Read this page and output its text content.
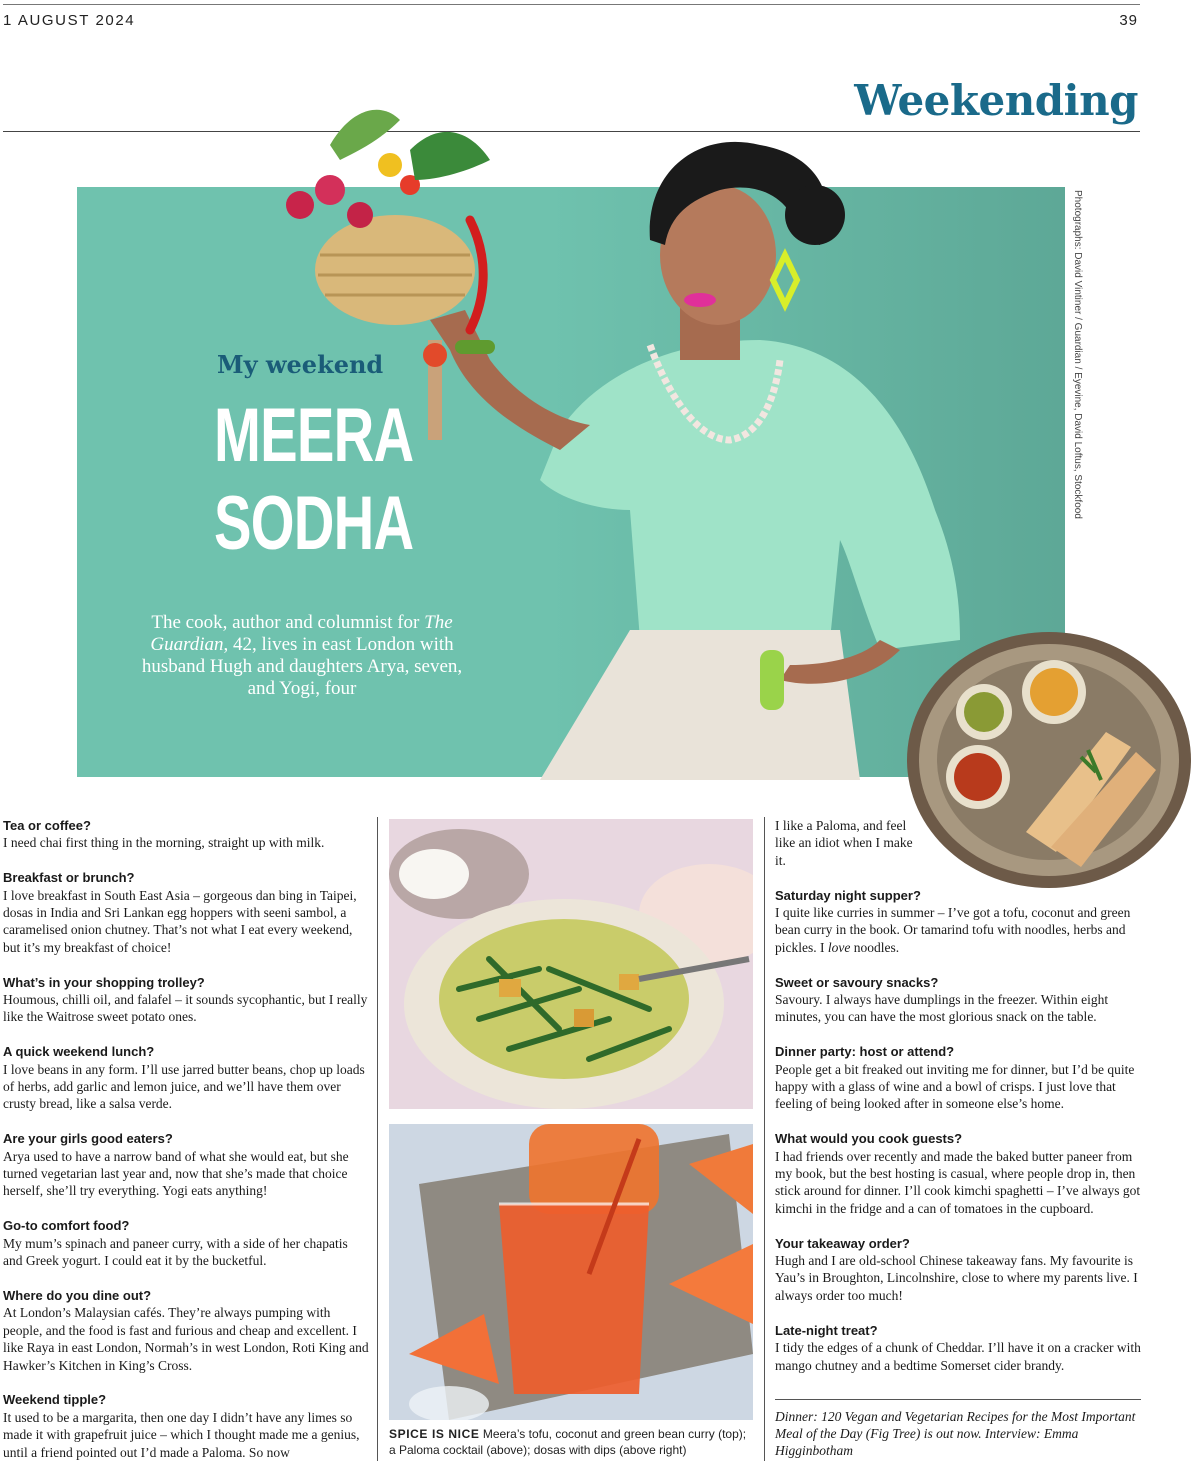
1 AUGUST 2024	39
Weekending
Photographs: David Vintiner / Guardian / Eyevine, David Loftus, Stockfood
My weekend
MEERA
SODHA
The cook, author and columnist for The Guardian, 42, lives in east London with husband Hugh and daughters Arya, seven, and Yogi, four
Tea or coffee?
I need chai first thing in the morning, straight up with milk.
Breakfast or brunch?
I love breakfast in South East Asia – gorgeous dan bing in Taipei, dosas in India and Sri Lankan egg hoppers with seeni sambol, a caramelised onion chutney. That’s not what I eat every weekend, but it’s my breakfast of choice!
What’s in your shopping trolley?
Houmous, chilli oil, and falafel – it sounds sycophantic, but I really like the Waitrose sweet potato ones.
A quick weekend lunch?
I love beans in any form. I’ll use jarred butter beans, chop up loads of herbs, add garlic and lemon juice, and we’ll have them over crusty bread, like a salsa verde.
Are your girls good eaters?
Arya used to have a narrow band of what she would eat, but she turned vegetarian last year and, now that she’s made that choice herself, she’ll try everything. Yogi eats anything!
Go-to comfort food?
My mum’s spinach and paneer curry, with a side of her chapatis and Greek yogurt. I could eat it by the bucketful.
Where do you dine out?
At London’s Malaysian cafés. They’re always pumping with people, and the food is fast and furious and cheap and excellent. I like Raya in east London, Normah’s in west London, Roti King and Hawker’s Kitchen in King’s Cross.
Weekend tipple?
It used to be a margarita, then one day I didn’t have any limes so made it with grapefruit juice – which I thought made me a genius, until a friend pointed out I’d made a Paloma. So now
SPICE IS NICE Meera’s tofu, coconut and green bean curry (top); a Paloma cocktail (above); dosas with dips (above right)
I like a Paloma, and feel like an idiot when I make it.
Saturday night supper?
I quite like curries in summer – I’ve got a tofu, coconut and green bean curry in the book. Or tamarind tofu with noodles, herbs and pickles. I love noodles.
Sweet or savoury snacks?
Savoury. I always have dumplings in the freezer. Within eight minutes, you can have the most glorious snack on the table.
Dinner party: host or attend?
People get a bit freaked out inviting me for dinner, but I’d be quite happy with a glass of wine and a bowl of crisps. I just love that feeling of being looked after in someone else’s home.
What would you cook guests?
I had friends over recently and made the baked butter paneer from my book, but the best hosting is casual, where people drop in, then stick around for dinner. I’ll cook kimchi spaghetti – I’ve always got kimchi in the fridge and a can of tomatoes in the cupboard.
Your takeaway order?
Hugh and I are old-school Chinese takeaway fans. My favourite is Yau’s in Broughton, Lincolnshire, close to where my parents live. I always order too much!
Late-night treat?
I tidy the edges of a chunk of Cheddar. I’ll have it on a cracker with mango chutney and a bedtime Somerset cider brandy.
Dinner: 120 Vegan and Vegetarian Recipes for the Most Important Meal of the Day (Fig Tree) is out now. Interview: Emma Higginbotham
